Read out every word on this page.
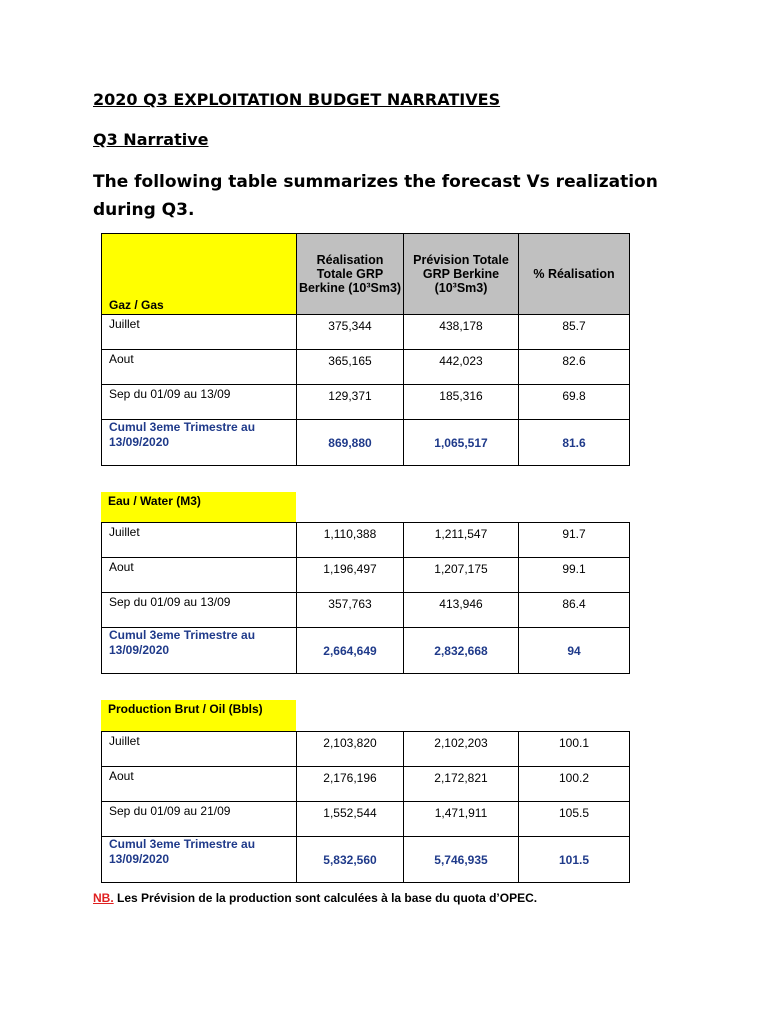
2020 Q3 EXPLOITATION BUDGET NARRATIVES
Q3 Narrative
The following table summarizes the forecast Vs realization during Q3.
Gaz / Gas
	Réalisation Totale GRP Berkine (10³Sm3)	Prévision Totale GRP Berkine (10³Sm3)	% Réalisation
Juillet	375,344	438,178	85.7
Aout	365,165	442,023	82.6
Sep du 01/09 au 13/09	129,371	185,316	69.8
Cumul 3eme Trimestre au 13/09/2020	869,880	1,065,517	81.6
Eau / Water (M3)
Juillet	1,110,388	1,211,547	91.7
Aout	1,196,497	1,207,175	99.1
Sep du 01/09 au 13/09	357,763	413,946	86.4
Cumul 3eme Trimestre au 13/09/2020	2,664,649	2,832,668	94
Production Brut / Oil (Bbls)
Juillet	2,103,820	2,102,203	100.1
Aout	2,176,196	2,172,821	100.2
Sep du 01/09 au 21/09	1,552,544	1,471,911	105.5
Cumul 3eme Trimestre au 13/09/2020	5,832,560	5,746,935	101.5
NB. Les Prévision de la production sont calculées à la base du quota d’OPEC.
